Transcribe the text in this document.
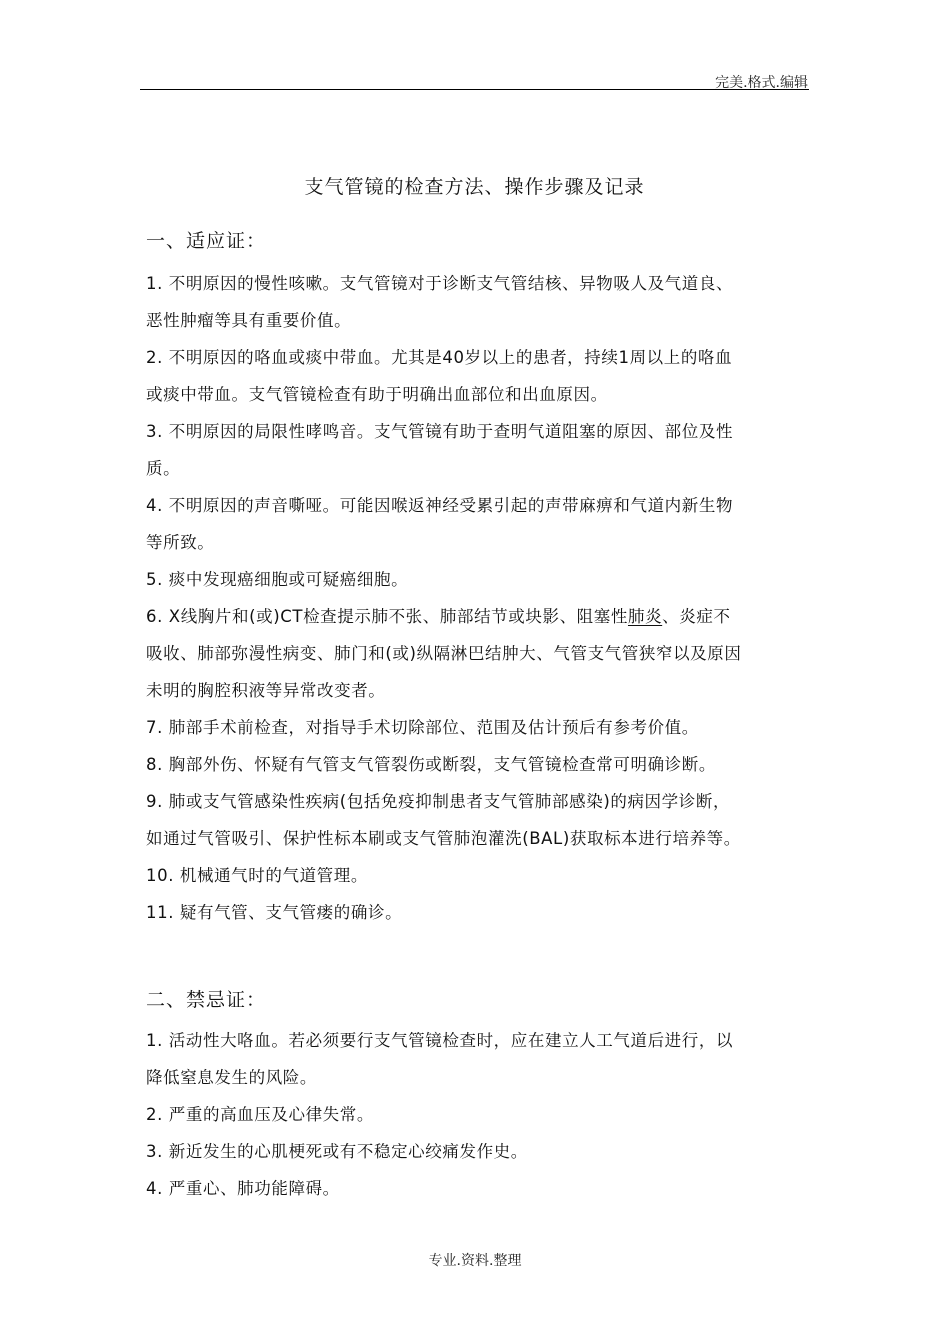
完美.格式.编辑
支气管镜的检查方法、操作步骤及记录
一、适应证：

1. 不明原因的慢性咳嗽。支气管镜对于诊断支气管结核、异物吸人及气道良、
恶性肿瘤等具有重要价值。

2. 不明原因的咯血或痰中带血。尤其是40岁以上的患者，持续1周以上的咯血
或痰中带血。支气管镜检查有助于明确出血部位和出血原因。

3. 不明原因的局限性哮鸣音。支气管镜有助于查明气道阻塞的原因、部位及性
质。

4. 不明原因的声音嘶哑。可能因喉返神经受累引起的声带麻痹和气道内新生物
等所致。

5. 痰中发现癌细胞或可疑癌细胞。

6. X线胸片和(或)CT检查提示肺不张、肺部结节或块影、阻塞性肺炎、炎症不
吸收、肺部弥漫性病变、肺门和(或)纵隔淋巴结肿大、气管支气管狭窄以及原因
未明的胸腔积液等异常改变者。

7. 肺部手术前检查，对指导手术切除部位、范围及估计预后有参考价值。

8. 胸部外伤、怀疑有气管支气管裂伤或断裂，支气管镜检查常可明确诊断。

9. 肺或支气管感染性疾病(包括免疫抑制患者支气管肺部感染)的病因学诊断，
如通过气管吸引、保护性标本刷或支气管肺泡灌洗(BAL)获取标本进行培养等。

10. 机械通气时的气道管理。

11. 疑有气管、支气管瘘的确诊。

二、禁忌证：

1. 活动性大咯血。若必须要行支气管镜检查时，应在建立人工气道后进行，以
降低窒息发生的风险。

2. 严重的高血压及心律失常。

3. 新近发生的心肌梗死或有不稳定心绞痛发作史。

4. 严重心、肺功能障碍。

专业.资料.整理
